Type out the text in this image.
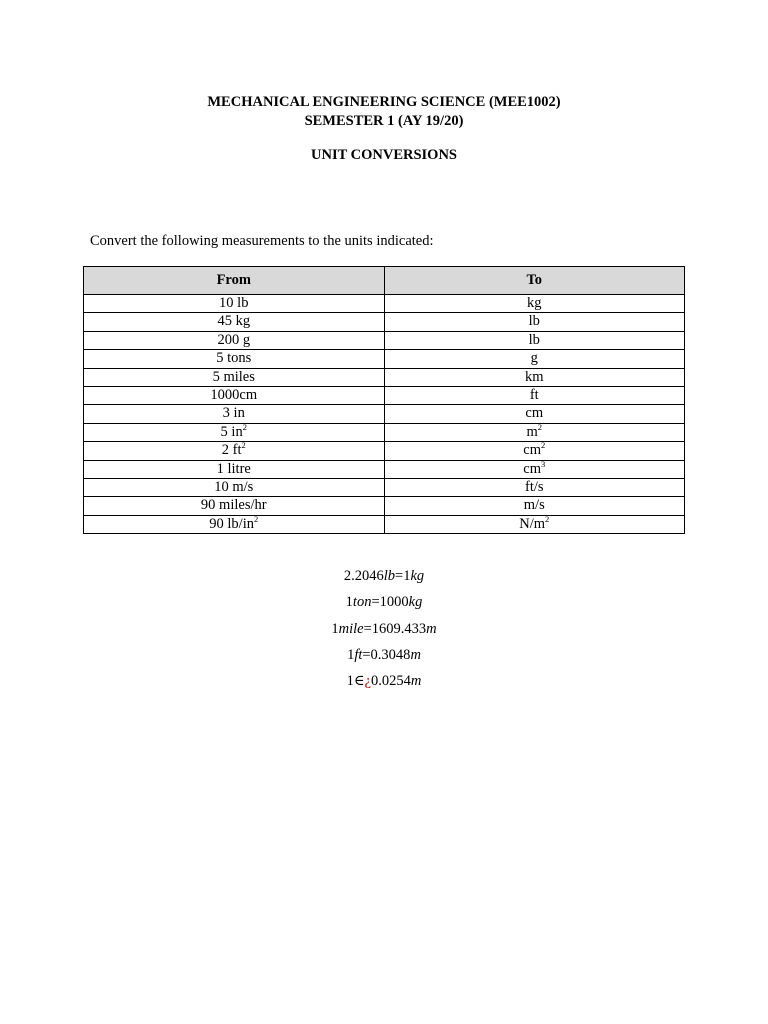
MECHANICAL ENGINEERING SCIENCE (MEE1002)
SEMESTER 1 (AY 19/20)
UNIT CONVERSIONS
Convert the following measurements to the units indicated:
From	To
10 lb	kg
45 kg	lb
200 g	lb
5 tons	g
5 miles	km
1000cm	ft
3 in	cm
5 $in^2$	$m^2$
2 $ft^2$	$cm^2$
1 litre	$cm^3$
10 m/s	ft/s
90 miles/hr	m/s
90 $lb/in^2$	$N/m^2$
2.2046lb=1kg
1ton=1000kg
1mile=1609.433m
1ft=0.3048m
1∈¿0.0254m
